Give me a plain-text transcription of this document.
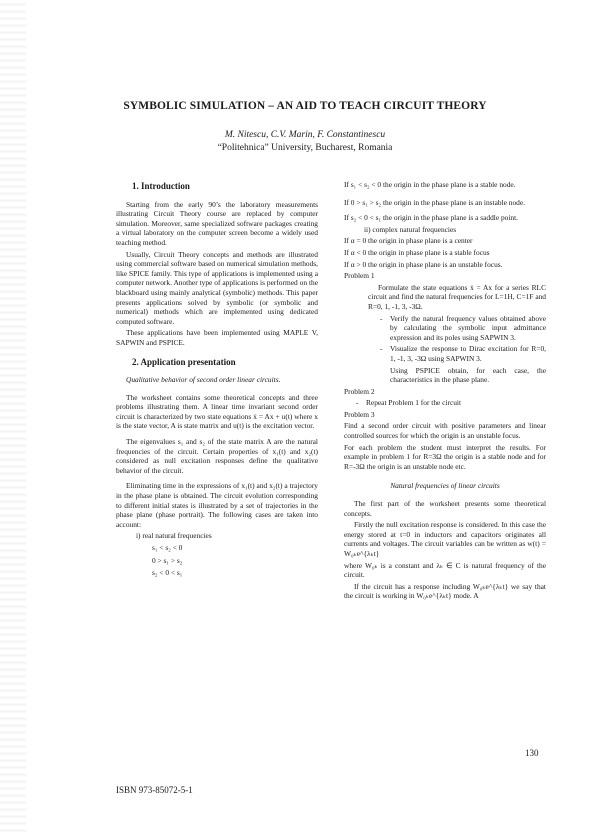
SYMBOLIC SIMULATION – AN AID TO TEACH CIRCUIT THEORY
M. Nitescu, C.V. Marin, F. Constantinescu
“Politehnica” University, Bucharest, Romania
1. Introduction

Starting from the early 90’s the laboratory measurements illustrating Circuit Theory course are replaced by computer simulation. Moreover, same specialized software packages creating a virtual laboratory on the computer screen become a widely used teaching method.

Usually, Circuit Theory concepts and methods are illustrated using commercial software based on numerical simulation methods, like SPICE family. This type of applications is implemented using a computer network. Another type of applications is performed on the blackboard using mainly analytical (symbolic) methods. This paper presents applications solved by symbolic (or symbolic and numerical) methods which are implemented using dedicated computed software.

These applications have been implemented using MAPLE V, SAPWIN and PSPICE.

2. Application presentation

Qualitative behavior of second order linear circuits.

The worksheet contains some theoretical concepts and three problems illustrating them. A linear time invariant second order circuit is characterized by two state equations ẋ = Ax + u(t) where x is the state vector, A is state matrix and u(t) is the excitation vector.

The eigenvalues s₁ and s₂ of the state matrix A are the natural frequencies of the circuit. Certain properties of x₁(t) and x₂(t) considered as null excitation responses define the qualitative behavior of the circuit.

Eliminating time in the expressions of x₁(t) and x₂(t) a trajectory in the phase plane is obtained. The circuit evolution corresponding to different initial states is illustrated by a set of trajectories in the phase plane (phase portrait). The following cases are taken into account:

i) real natural frequencies

s₁ < s₂ < 0
0 > s₁ > s₂
s₂ < 0 < s₁

If s₁ < s₂ < 0 the origin in the phase plane is a stable node.

If 0 > s₁ > s₂ the origin in the phase plane is an instable node.

If s₂ < 0 < s₁ the origin in the phase plane is a saddle point.

ii) complex natural frequencies

If α = 0 the origin in phase plane is a center

If α < 0 the origin in phase plane is a stable focus

If α > 0 the origin in phase plane is an unstable focus.

Problem 1

Formulate the state equations ẋ = Ax for a series RLC circuit and find the natural frequencies for L=1H, C=1F and R=0, 1, -1, 3, -3Ω.

-	Verify the natural frequency values obtained above by calculating the symbolic input admittance expression and its poles using SAPWIN 3.
-	Visualize the response to Dirac excitation for R=0, 1, -1, 3, -3Ω using SAPWIN 3.

Using PSPICE obtain, for each case, the characteristics in the phase plane.

Problem 2

-	Repeat Problem 1 for the circuit

Problem 3

Find a second order circuit with positive parameters and linear controlled sources for which the origin is an unstable focus.

For each problem the student must interpret the results. For example in problem 1 for R=3Ω the origin is a stable node and for R=-3Ω the origin is an unstable node etc.

Natural frequencies of linear circuits

The first part of the worksheet presents some theoretical concepts.

Firstly the null excitation response is considered. In this case the energy stored at t=0 in inductors and capacitors originates all currents and voltages. The circuit variables can be written as w(t) = W₀ₖe^{λₖt}

where W₀ₖ is a constant and λₖ ∈ C is natural frequency of the circuit.

If the circuit has a response including W₀ₖe^{λₖt} we say that the circuit is working in W₀ₖe^{λₖt} mode. A

130
ISBN 973-85072-5-1
